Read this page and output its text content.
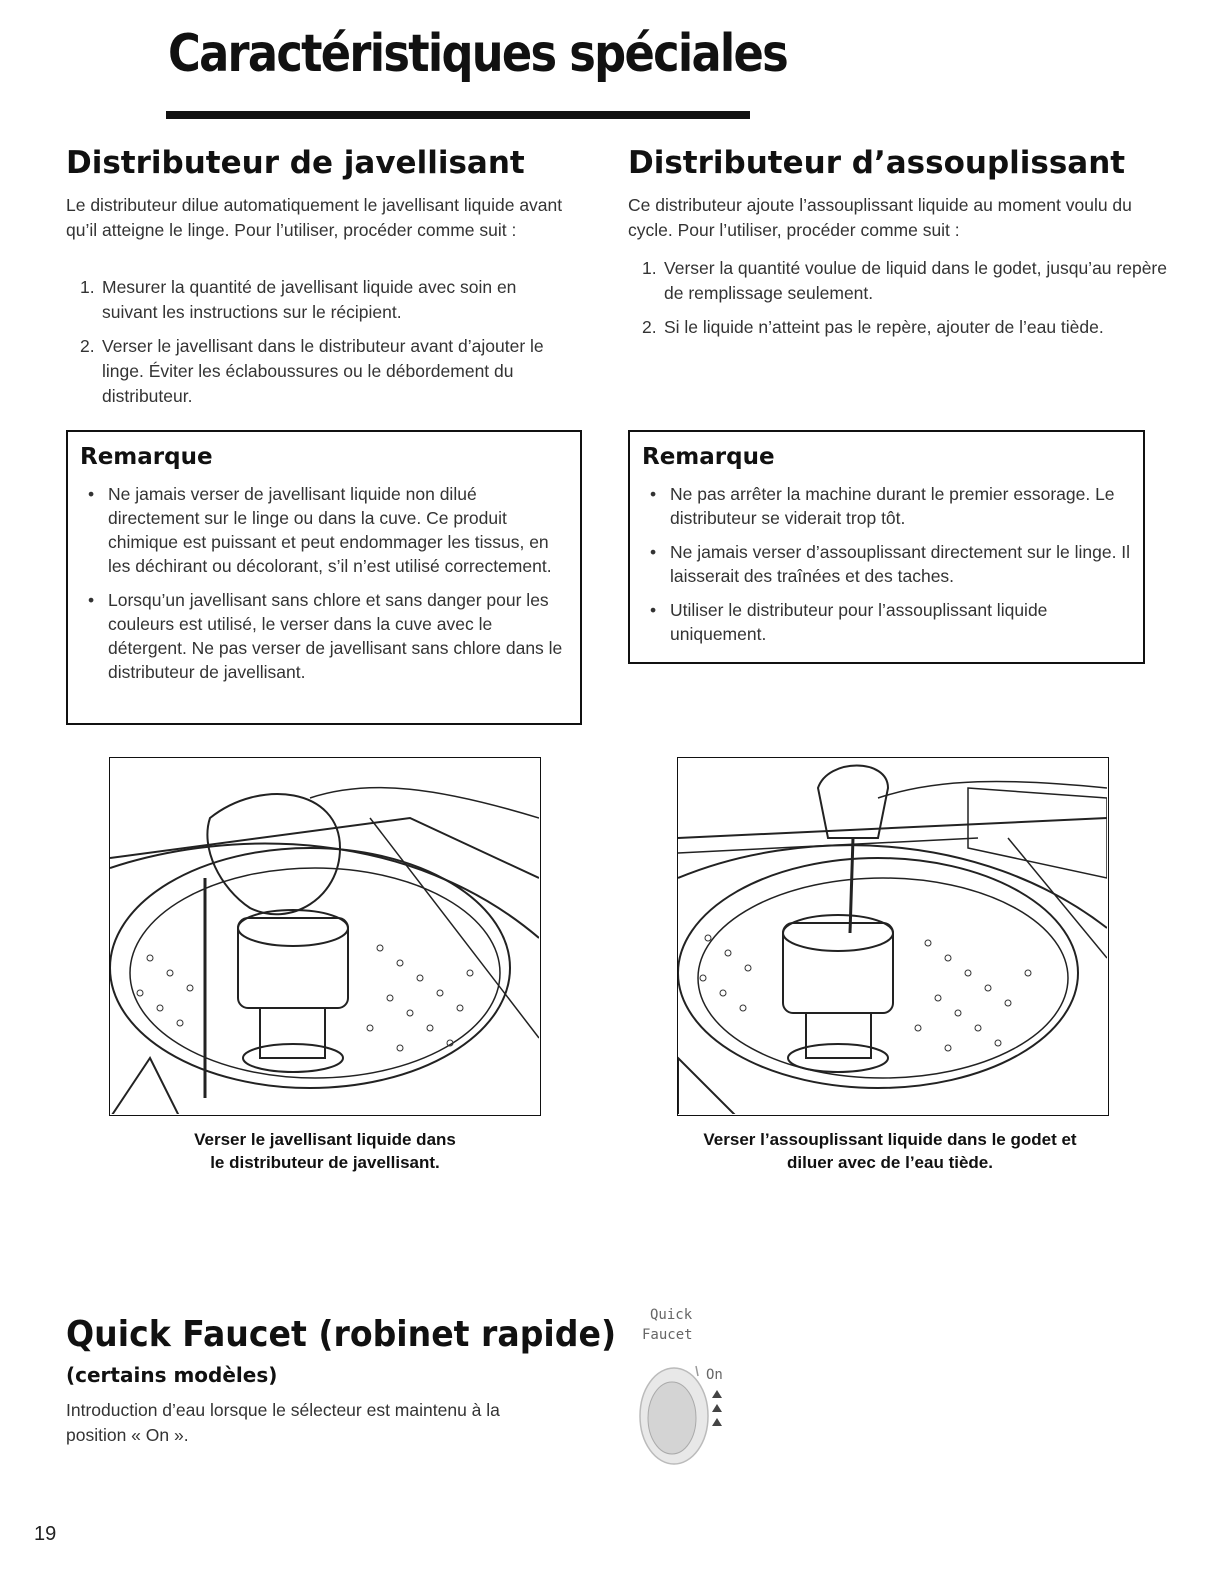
Caractéristiques spéciales
Distributeur de javellisant

Le distributeur dilue automatiquement le javellisant liquide avant qu’il atteigne le linge. Pour l’utiliser, procéder comme suit :

1. Mesurer la quantité de javellisant liquide avec soin en suivant les instructions sur le récipient.
2. Verser le javellisant dans le distributeur avant d’ajouter le linge. Éviter les éclaboussures ou le débordement du distributeur.
Remarque
• Ne jamais verser de javellisant liquide non dilué directement sur le linge ou dans la cuve. Ce produit chimique est puissant et peut endommager les tissus, en les déchirant ou décolorant, s’il n’est utilisé correctement.
• Lorsqu’un javellisant sans chlore et sans danger pour les couleurs est utilisé, le verser dans la cuve avec le détergent. Ne pas verser de javellisant sans chlore dans le distributeur de javellisant.
Verser le javellisant liquide dans
le distributeur de javellisant.
Distributeur d’assouplissant

Ce distributeur ajoute l’assouplissant liquide au moment voulu du cycle. Pour l’utiliser, procéder comme suit :

1. Verser la quantité voulue de liquid dans le godet, jusqu’au repère de remplissage seulement.
2. Si le liquide n’atteint pas le repère, ajouter de l’eau tiède.
Remarque
• Ne pas arrêter la machine durant le premier essorage. Le distributeur se viderait trop tôt.
• Ne jamais verser d’assouplissant directement sur le linge. Il laisserait des traînées et des taches.
• Utiliser le distributeur pour l’assouplissant liquide uniquement.
Verser l’assouplissant liquide dans le godet et
diluer avec de l’eau tiède.
Quick Faucet (robinet rapide)

(certains modèles)

Introduction d’eau lorsque le sélecteur est maintenu à la position « On ».

Quick
Faucet
On
19
